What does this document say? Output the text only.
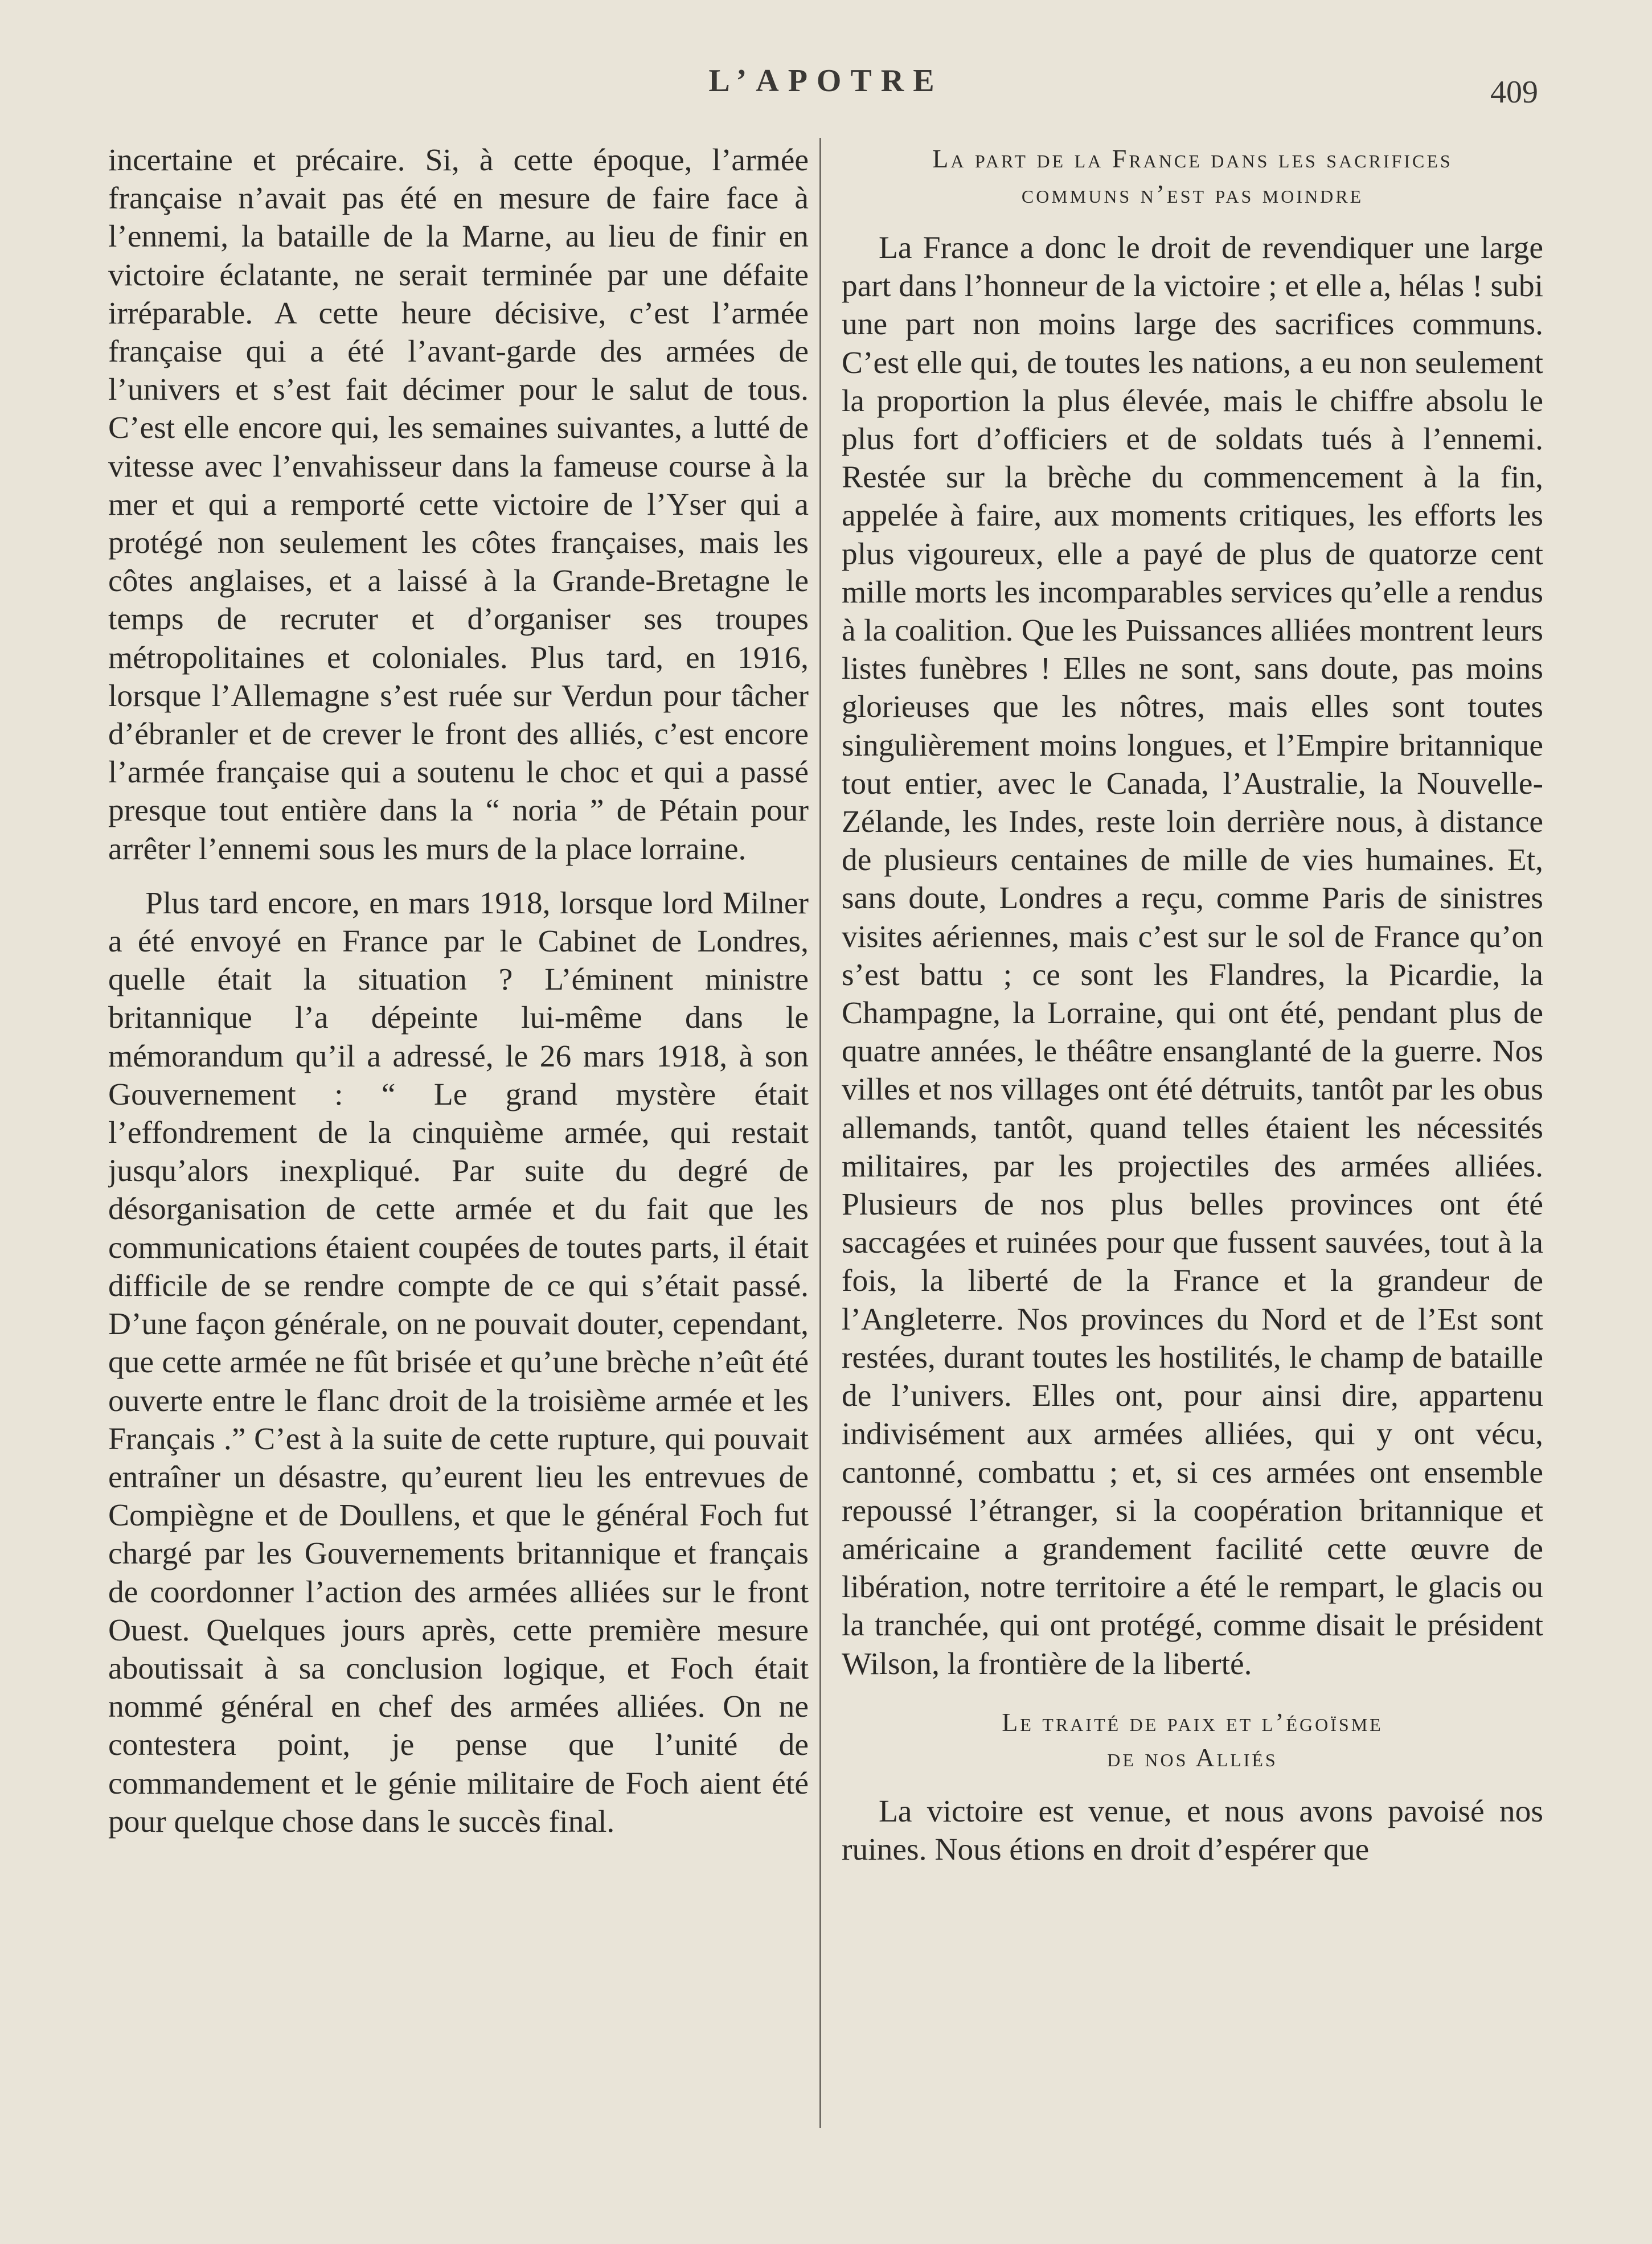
L’APOTRE	409

incertaine et précaire. Si, à cette époque, l’armée française n’avait pas été en mesure de faire face à l’ennemi, la bataille de la Marne, au lieu de finir en victoire éclatante, ne serait terminée par une défaite irréparable. A cette heure décisive, c’est l’armée française qui a été l’avant-garde des armées de l’univers et s’est fait décimer pour le salut de tous. C’est elle encore qui, les semaines suivantes, a lutté de vitesse avec l’envahisseur dans la fameuse course à la mer et qui a remporté cette victoire de l’Yser qui a protégé non seulement les côtes françaises, mais les côtes anglaises, et a laissé à la Grande-Bretagne le temps de recruter et d’organiser ses troupes métropolitaines et coloniales. Plus tard, en 1916, lorsque l’Allemagne s’est ruée sur Verdun pour tâcher d’ébranler et de crever le front des alliés, c’est encore l’armée française qui a soutenu le choc et qui a passé presque tout entière dans la “ noria ” de Pétain pour arrêter l’ennemi sous les murs de la place lorraine.

Plus tard encore, en mars 1918, lorsque lord Milner a été envoyé en France par le Cabinet de Londres, quelle était la situation ? L’éminent ministre britannique l’a dépeinte lui-même dans le mémorandum qu’il a adressé, le 26 mars 1918, à son Gouvernement : “ Le grand mystère était l’effondrement de la cinquième armée, qui restait jusqu’alors inexpliqué. Par suite du degré de désorganisation de cette armée et du fait que les communications étaient coupées de toutes parts, il était difficile de se rendre compte de ce qui s’était passé. D’une façon générale, on ne pouvait douter, cependant, que cette armée ne fût brisée et qu’une brèche n’eût été ouverte entre le flanc droit de la troisième armée et les Français .” C’est à la suite de cette rupture, qui pouvait entraîner un désastre, qu’eurent lieu les entrevues de Compiègne et de Doullens, et que le général Foch fut chargé par les Gouvernements britannique et français de coordonner l’action des armées alliées sur le front Ouest. Quelques jours après, cette première mesure aboutissait à sa conclusion logique, et Foch était nommé général en chef des armées alliées. On ne contestera point, je pense que l’unité de commandement et le génie militaire de Foch aient été pour quelque chose dans le succès final.

La part de la France dans les sacrifices
communs n’est pas moindre

La France a donc le droit de revendiquer une large part dans l’honneur de la victoire ; et elle a, hélas ! subi une part non moins large des sacrifices communs. C’est elle qui, de toutes les nations, a eu non seulement la proportion la plus élevée, mais le chiffre absolu le plus fort d’officiers et de soldats tués à l’ennemi. Restée sur la brèche du commencement à la fin, appelée à faire, aux moments critiques, les efforts les plus vigoureux, elle a payé de plus de quatorze cent mille morts les incomparables services qu’elle a rendus à la coalition. Que les Puissances alliées montrent leurs listes funèbres ! Elles ne sont, sans doute, pas moins glorieuses que les nôtres, mais elles sont toutes singulièrement moins longues, et l’Empire britannique tout entier, avec le Canada, l’Australie, la Nouvelle-Zélande, les Indes, reste loin derrière nous, à distance de plusieurs centaines de mille de vies humaines. Et, sans doute, Londres a reçu, comme Paris de sinistres visites aériennes, mais c’est sur le sol de France qu’on s’est battu ; ce sont les Flandres, la Picardie, la Champagne, la Lorraine, qui ont été, pendant plus de quatre années, le théâtre ensanglanté de la guerre. Nos villes et nos villages ont été détruits, tantôt par les obus allemands, tantôt, quand telles étaient les nécessités militaires, par les projectiles des armées alliées. Plusieurs de nos plus belles provinces ont été saccagées et ruinées pour que fussent sauvées, tout à la fois, la liberté de la France et la grandeur de l’Angleterre. Nos provinces du Nord et de l’Est sont restées, durant toutes les hostilités, le champ de bataille de l’univers. Elles ont, pour ainsi dire, appartenu indivisément aux armées alliées, qui y ont vécu, cantonné, combattu ; et, si ces armées ont ensemble repoussé l’étranger, si la coopération britannique et américaine a grandement facilité cette œuvre de libération, notre territoire a été le rempart, le glacis ou la tranchée, qui ont protégé, comme disait le président Wilson, la frontière de la liberté.

Le traité de paix et l’égoïsme
de nos Alliés

La victoire est venue, et nous avons pavoisé nos ruines. Nous étions en droit d’espérer que
